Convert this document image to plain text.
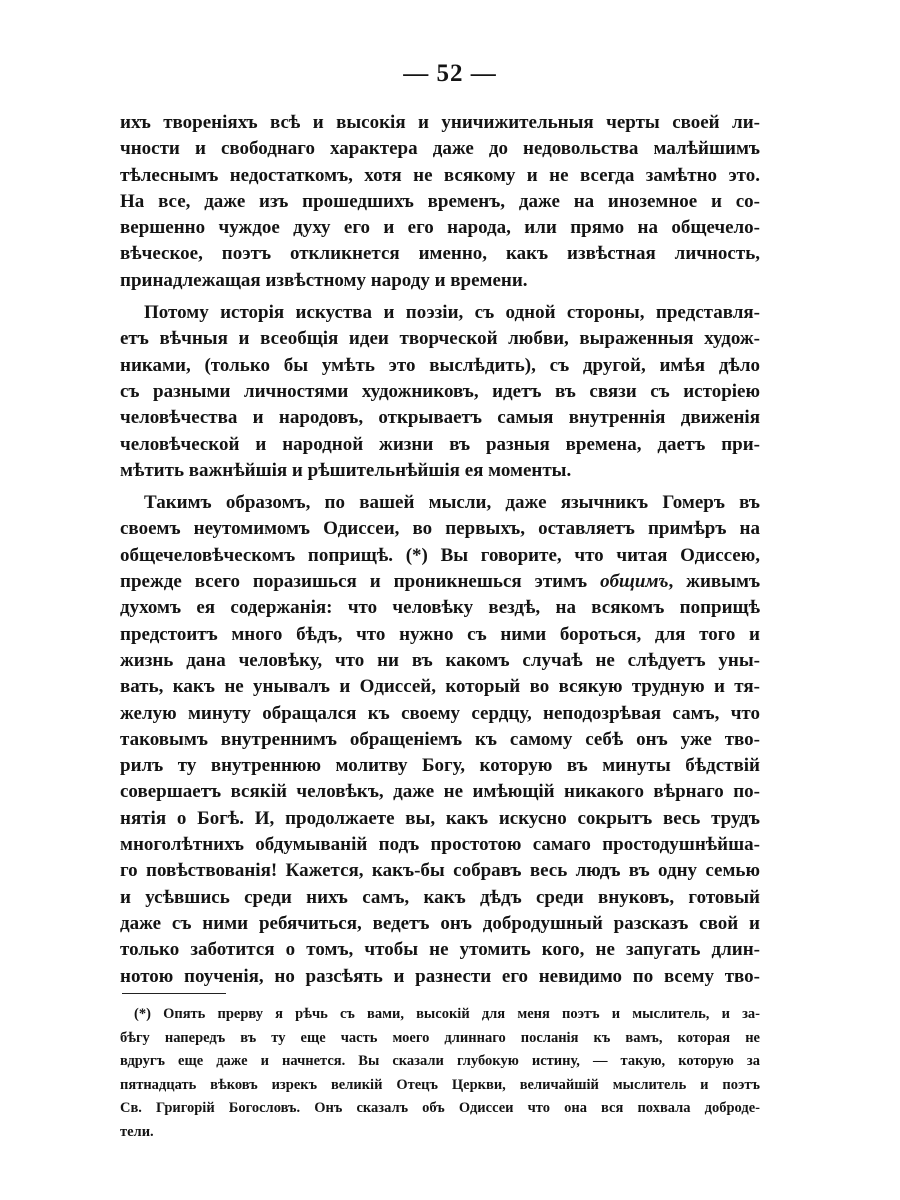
— 52 —
ихъ твореніяхъ всѣ и высокія и уничижительныя черты своей ли-
чности и свободнаго характера даже до недовольства малѣйшимъ
тѣлеснымъ недостаткомъ, хотя не всякому и не всегда замѣтно это.
На все, даже изъ прошедшихъ временъ, даже на иноземное и со-
вершенно чуждое духу его и его народа, или прямо на общечело-
вѣческое, поэтъ откликнется именно, какъ извѣстная личность,
принадлежащая извѣстному народу и времени.
Потому исторія искуства и поэзіи, съ одной стороны, представля-
етъ вѣчныя и всеобщія идеи творческой любви, выраженныя худож-
никами, (только бы умѣть это выслѣдить), съ другой, имѣя дѣло
съ разными личностями художниковъ, идетъ въ связи съ исторіею
человѣчества и народовъ, открываетъ самыя внутреннія движенія
человѣческой и народной жизни въ разныя времена, даетъ при-
мѣтить важнѣйшія и рѣшительнѣйшія ея моменты.
Такимъ образомъ, по вашей мысли, даже язычникъ Гомеръ въ
своемъ неутомимомъ Одиссеи, во первыхъ, оставляетъ примѣръ на
общечеловѣческомъ поприщѣ. (*) Вы говорите, что читая Одиссею,
прежде всего поразишься и проникнешься этимъ общимъ, живымъ
духомъ ея содержанія: что человѣку вездѣ, на всякомъ поприщѣ
предстоитъ много бѣдъ, что нужно съ ними бороться, для того и
жизнь дана человѣку, что ни въ какомъ случаѣ не слѣдуетъ уны-
вать, какъ не унывалъ и Одиссей, который во всякую трудную и тя-
желую минуту обращался къ своему сердцу, неподозрѣвая самъ, что
таковымъ внутреннимъ обращеніемъ къ самому себѣ онъ уже тво-
рилъ ту внутреннюю молитву Богу, которую въ минуты бѣдствій
совершаетъ всякій человѣкъ, даже не имѣющій никакого вѣрнаго по-
нятія о Богѣ. И, продолжаете вы, какъ искусно сокрытъ весь трудъ
многолѣтнихъ обдумыванiй подъ простотою самаго простодушнѣйша-
го повѣствованія! Кажется, какъ-бы собравъ весь людъ въ одну семью
и усѣвшись среди нихъ самъ, какъ дѣдъ среди внуковъ, готовый
даже съ ними ребячиться, ведетъ онъ добродушный разсказъ свой и
только заботится о томъ, чтобы не утомить кого, не запугать длин-
нотою поученія, но разсѣять и разнести его невидимо по всему тво-
(*) Опять прерву я рѣчь съ вами, высокій для меня поэтъ и мыслитель, и за-
бѣгу напередъ въ ту еще часть моего длиннаго посланія къ вамъ, которая не
вдругъ еще даже и начнется. Вы сказали глубокую истину, — такую, которую за
пятнадцать вѣковъ изрекъ великій Отецъ Церкви, величайшій мыслитель и поэтъ
Св. Григорій Богословъ. Онъ сказалъ объ Одиссеи что она вся похвала доброде-
тели.
